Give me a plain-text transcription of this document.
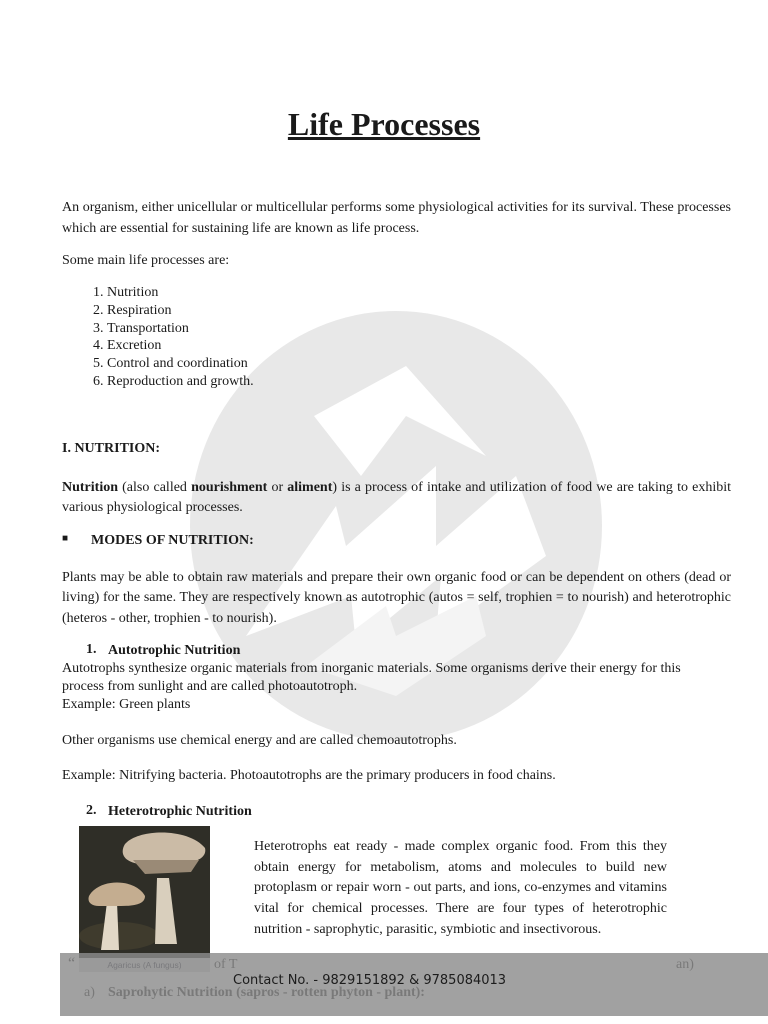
Life Processes

An organism, either unicellular or multicellular performs some physiological activities for its survival. These processes which are essential for sustaining life are known as life process.

Some main life processes are:

1. Nutrition
2. Respiration
3. Transportation
4. Excretion
5. Control and coordination
6. Reproduction and growth.

I. NUTRITION:

Nutrition (also called nourishment or aliment) is a process of intake and utilization of food we are taking to exhibit various physiological processes.

■ MODES OF NUTRITION:

Plants may be able to obtain raw materials and prepare their own organic food or can be dependent on others (dead or living) for the same. They are respectively known as autotrophic (autos = self, trophien = to nourish) and heterotrophic (heteros - other, trophien - to nourish).

1. Autotrophic Nutrition

Autotrophs synthesize organic materials from inorganic materials. Some organisms derive their energy for this

process from sunlight and are called photoautotroph.

Example: Green plants

Other organisms use chemical energy and are called chemoautotrophs.

Example: Nitrifying bacteria. Photoautotrophs are the primary producers in food chains.

2. Heterotrophic Nutrition

Heterotrophs eat ready - made complex organic food. From this they obtain energy for metabolism, atoms and molecules to build new protoplasm or repair worn - out parts, and ions, co-enzymes and vitamins vital for chemical processes. There are four types of heterotrophic nutrition - saprophytic, parasitic, symbiotic and insectivorous.

Contact No. - 9829151892 & 9785084013
